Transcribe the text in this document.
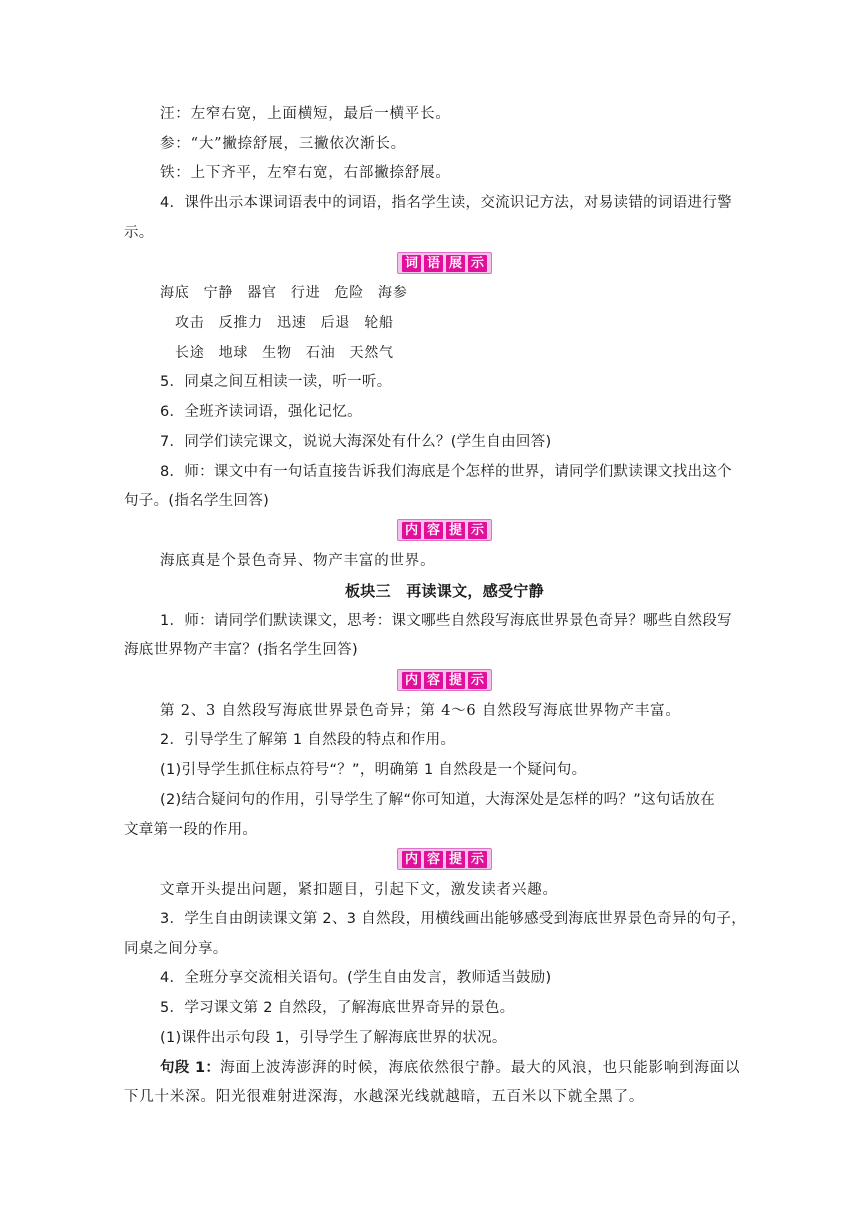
汪：左窄右宽，上面横短，最后一横平长。
参：“大”撇捺舒展，三撇依次渐长。
铁：上下齐平，左窄右宽，右部撇捺舒展。
4．课件出示本课词语表中的词语，指名学生读，交流识记方法，对易读错的词语进行警
示。
词 语 展 示
海底 宁静 器官 行进 危险 海参
攻击 反推力 迅速 后退 轮船
长途 地球 生物 石油 天然气
5．同桌之间互相读一读，听一听。
6．全班齐读词语，强化记忆。
7．同学们读完课文，说说大海深处有什么？(学生自由回答)
8．师：课文中有一句话直接告诉我们海底是个怎样的世界，请同学们默读课文找出这个
句子。(指名学生回答)
内 容 提 示
海底真是个景色奇异、物产丰富的世界。
板块三　再读课文，感受宁静
1．师：请同学们默读课文，思考：课文哪些自然段写海底世界景色奇异？哪些自然段写
海底世界物产丰富？(指名学生回答)
内 容 提 示
第 2、3 自然段写海底世界景色奇异；第 4～6 自然段写海底世界物产丰富。
2．引导学生了解第 1 自然段的特点和作用。
(1)引导学生抓住标点符号“？”，明确第 1 自然段是一个疑问句。
(2)结合疑问句的作用，引导学生了解“你可知道，大海深处是怎样的吗？”这句话放在
文章第一段的作用。
内 容 提 示
文章开头提出问题，紧扣题目，引起下文，激发读者兴趣。
3．学生自由朗读课文第 2、3 自然段，用横线画出能够感受到海底世界景色奇异的句子，
同桌之间分享。
4．全班分享交流相关语句。(学生自由发言，教师适当鼓励)
5．学习课文第 2 自然段，了解海底世界奇异的景色。
(1)课件出示句段 1，引导学生了解海底世界的状况。
句段 1：海面上波涛澎湃的时候，海底依然很宁静。最大的风浪，也只能影响到海面以
下几十米深。阳光很难射进深海，水越深光线就越暗，五百米以下就全黑了。
